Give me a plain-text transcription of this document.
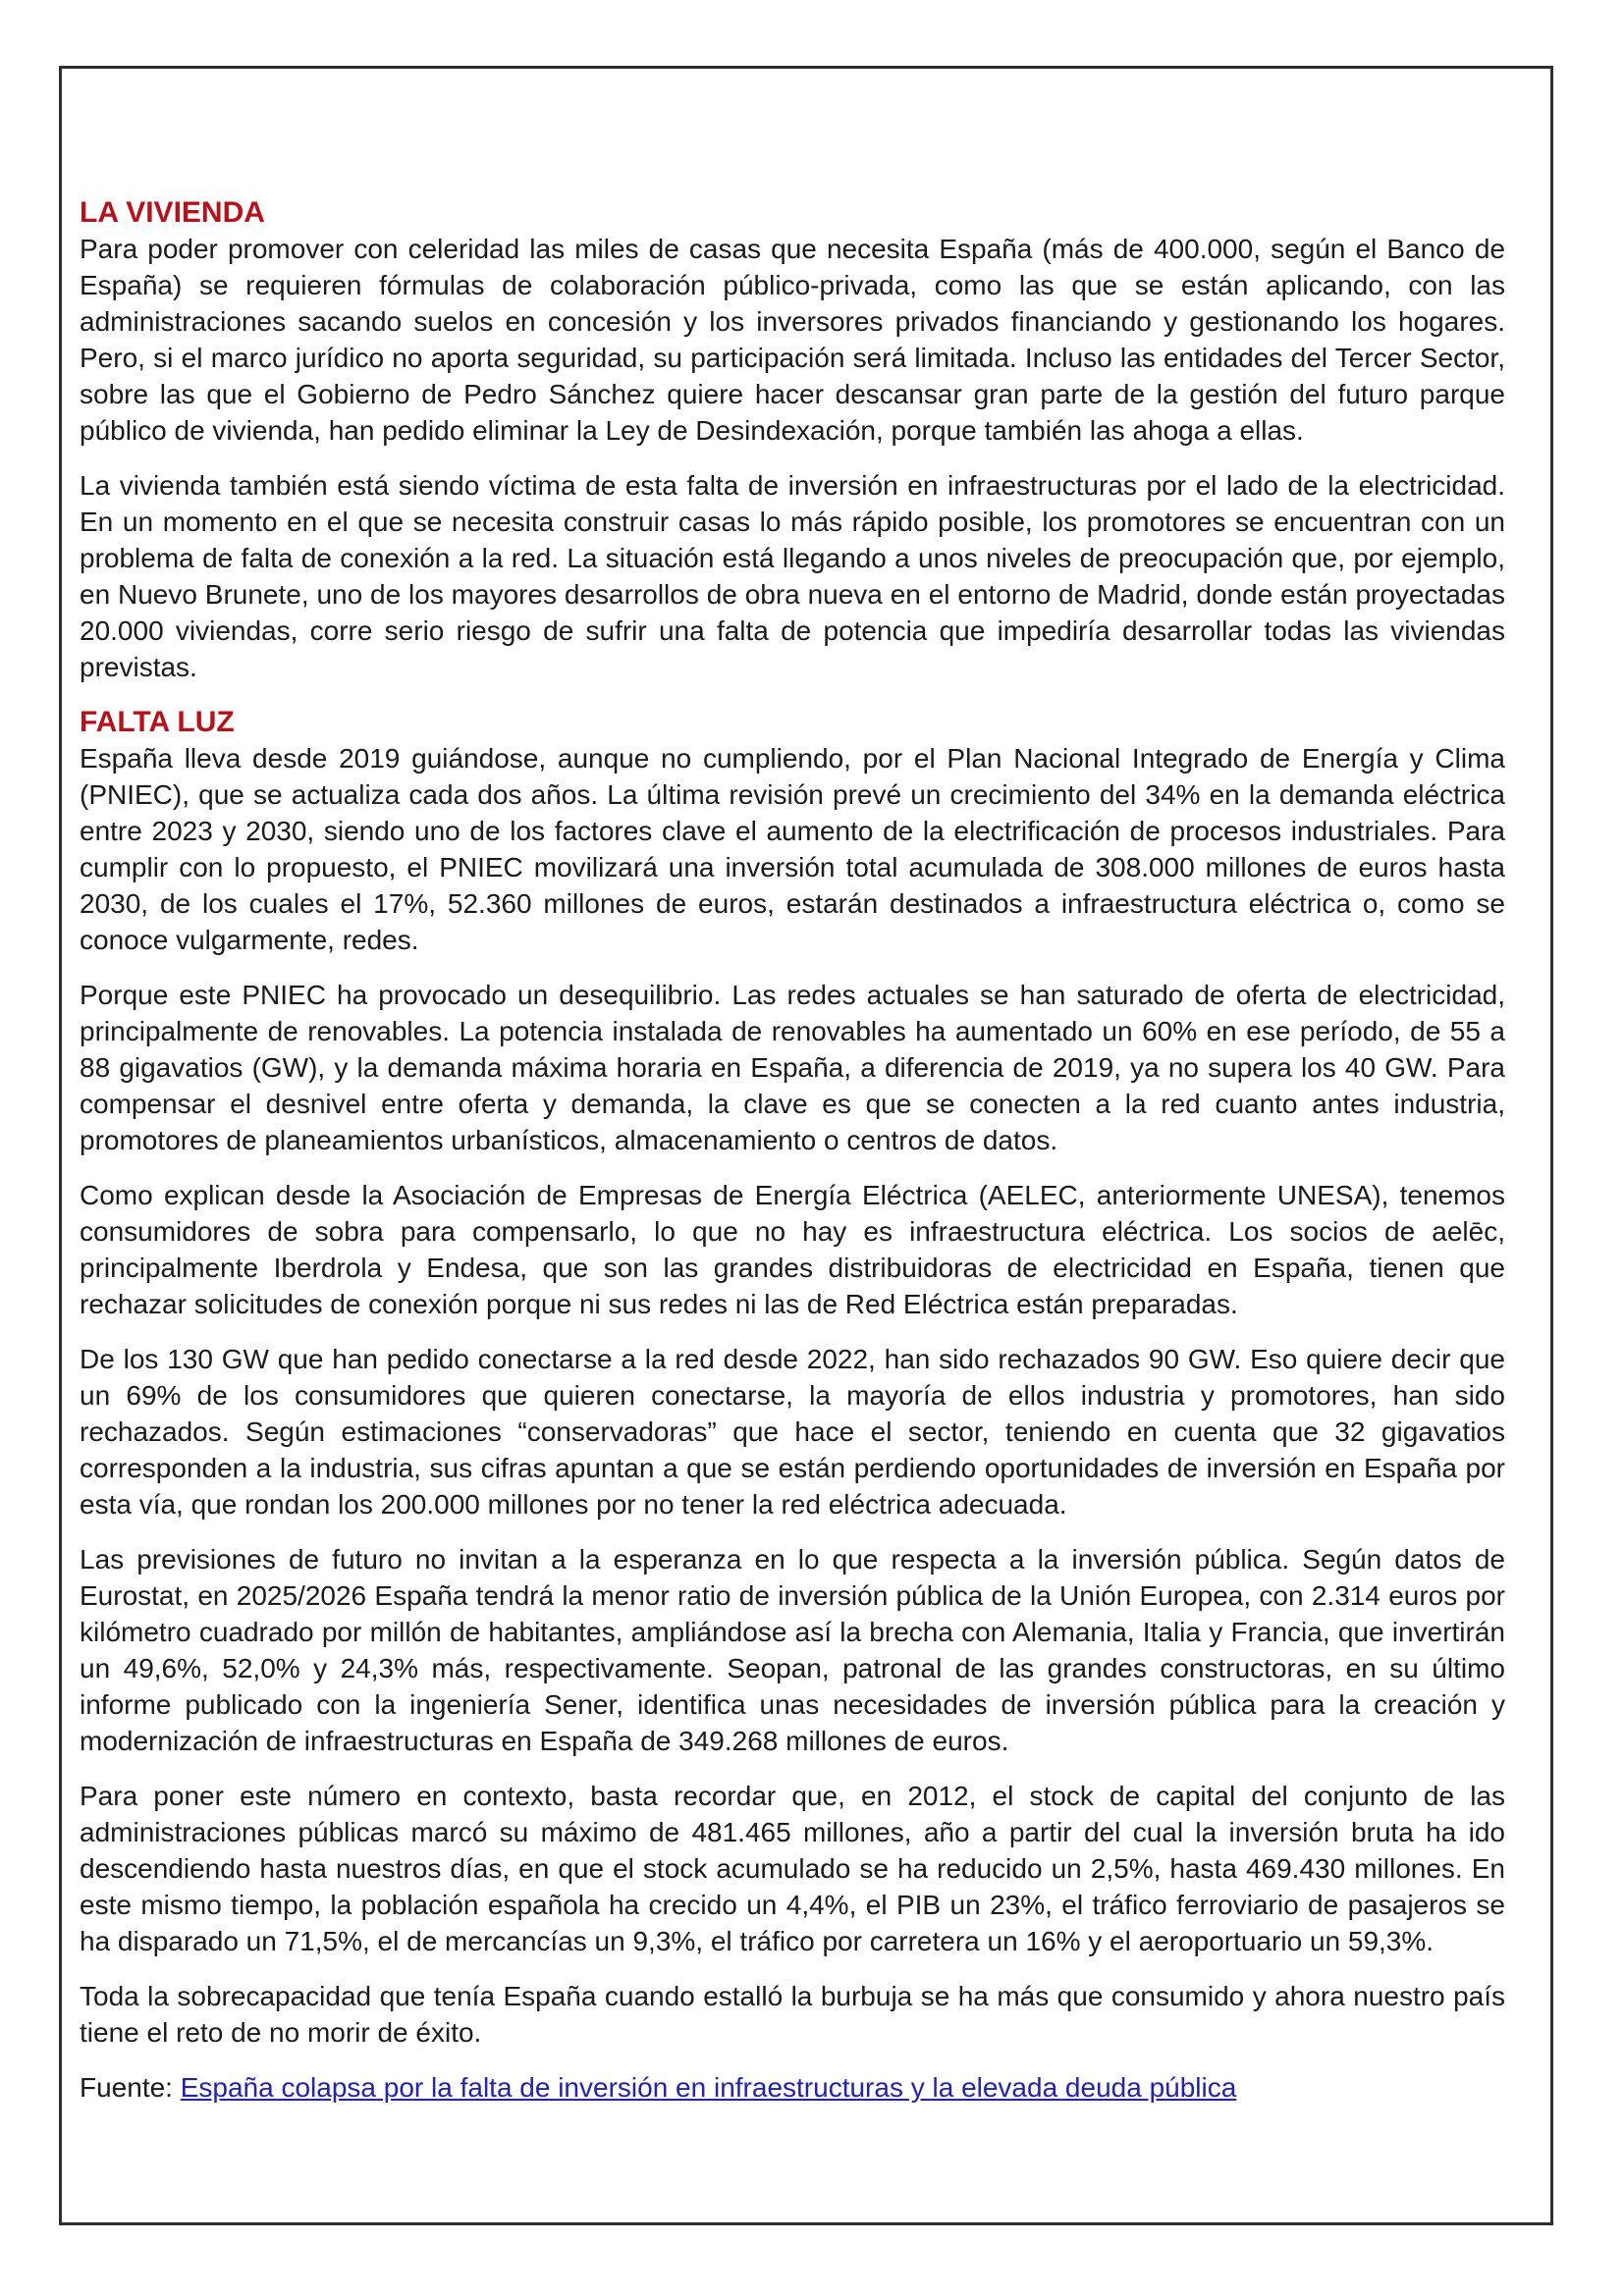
LA VIVIENDA

Para poder promover con celeridad las miles de casas que necesita España (más de 400.000, según el Banco de España) se requieren fórmulas de colaboración público-privada, como las que se están aplicando, con las administraciones sacando suelos en concesión y los inversores privados financiando y gestionando los hogares. Pero, si el marco jurídico no aporta seguridad, su participación será limitada. Incluso las entidades del Tercer Sector, sobre las que el Gobierno de Pedro Sánchez quiere hacer descansar gran parte de la gestión del futuro parque público de vivienda, han pedido eliminar la Ley de Desindexación, porque también las ahoga a ellas.

La vivienda también está siendo víctima de esta falta de inversión en infraestructuras por el lado de la electricidad. En un momento en el que se necesita construir casas lo más rápido posible, los promotores se encuentran con un problema de falta de conexión a la red. La situación está llegando a unos niveles de preocupación que, por ejemplo, en Nuevo Brunete, uno de los mayores desarrollos de obra nueva en el entorno de Madrid, donde están proyectadas 20.000 viviendas, corre serio riesgo de sufrir una falta de potencia que impediría desarrollar todas las viviendas previstas.

FALTA LUZ

España lleva desde 2019 guiándose, aunque no cumpliendo, por el Plan Nacional Integrado de Energía y Clima (PNIEC), que se actualiza cada dos años. La última revisión prevé un crecimiento del 34% en la demanda eléctrica entre 2023 y 2030, siendo uno de los factores clave el aumento de la electrificación de procesos industriales. Para cumplir con lo propuesto, el PNIEC movilizará una inversión total acumulada de 308.000 millones de euros hasta 2030, de los cuales el 17%, 52.360 millones de euros, estarán destinados a infraestructura eléctrica o, como se conoce vulgarmente, redes.

Porque este PNIEC ha provocado un desequilibrio. Las redes actuales se han saturado de oferta de electricidad, principalmente de renovables. La potencia instalada de renovables ha aumentado un 60% en ese período, de 55 a 88 gigavatios (GW), y la demanda máxima horaria en España, a diferencia de 2019, ya no supera los 40 GW. Para compensar el desnivel entre oferta y demanda, la clave es que se conecten a la red cuanto antes industria, promotores de planeamientos urbanísticos, almacenamiento o centros de datos.

Como explican desde la Asociación de Empresas de Energía Eléctrica (AELEC, anteriormente UNESA), tenemos consumidores de sobra para compensarlo, lo que no hay es infraestructura eléctrica. Los socios de aelēc, principalmente Iberdrola y Endesa, que son las grandes distribuidoras de electricidad en España, tienen que rechazar solicitudes de conexión porque ni sus redes ni las de Red Eléctrica están preparadas.

De los 130 GW que han pedido conectarse a la red desde 2022, han sido rechazados 90 GW. Eso quiere decir que un 69% de los consumidores que quieren conectarse, la mayoría de ellos industria y promotores, han sido rechazados. Según estimaciones “conservadoras” que hace el sector, teniendo en cuenta que 32 gigavatios corresponden a la industria, sus cifras apuntan a que se están perdiendo oportunidades de inversión en España por esta vía, que rondan los 200.000 millones por no tener la red eléctrica adecuada.

Las previsiones de futuro no invitan a la esperanza en lo que respecta a la inversión pública. Según datos de Eurostat, en 2025/2026 España tendrá la menor ratio de inversión pública de la Unión Europea, con 2.314 euros por kilómetro cuadrado por millón de habitantes, ampliándose así la brecha con Alemania, Italia y Francia, que invertirán un 49,6%, 52,0% y 24,3% más, respectivamente. Seopan, patronal de las grandes constructoras, en su último informe publicado con la ingeniería Sener, identifica unas necesidades de inversión pública para la creación y modernización de infraestructuras en España de 349.268 millones de euros.

Para poner este número en contexto, basta recordar que, en 2012, el stock de capital del conjunto de las administraciones públicas marcó su máximo de 481.465 millones, año a partir del cual la inversión bruta ha ido descendiendo hasta nuestros días, en que el stock acumulado se ha reducido un 2,5%, hasta 469.430 millones. En este mismo tiempo, la población española ha crecido un 4,4%, el PIB un 23%, el tráfico ferroviario de pasajeros se ha disparado un 71,5%, el de mercancías un 9,3%, el tráfico por carretera un 16% y el aeroportuario un 59,3%.

Toda la sobrecapacidad que tenía España cuando estalló la burbuja se ha más que consumido y ahora nuestro país tiene el reto de no morir de éxito.

Fuente: España colapsa por la falta de inversión en infraestructuras y la elevada deuda pública
